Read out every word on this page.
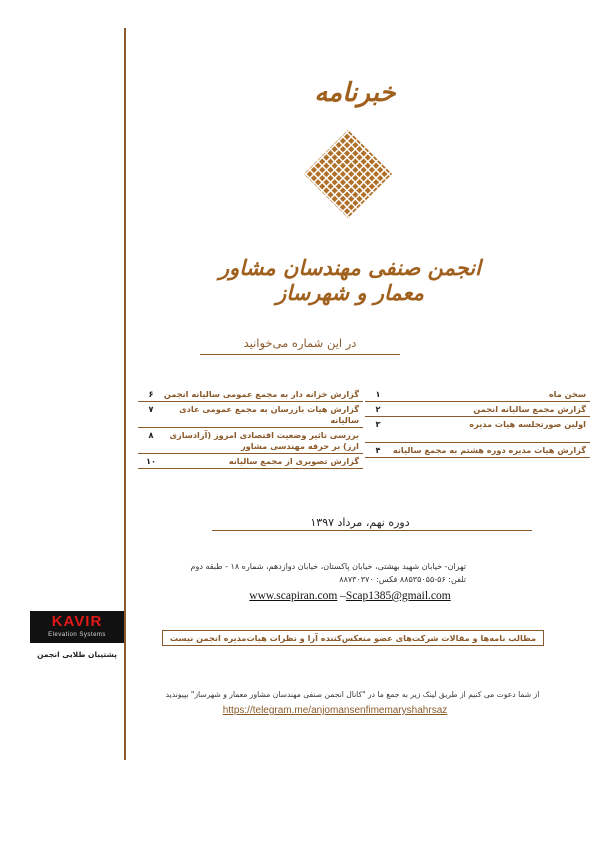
خبرنامه
انجمن صنفی مهندسان مشاور معمار و شهرساز
در این شماره می‌خوانید
سخن ماه
۱
گزارش مجمع سالیانه انجمن
۲
اولین صورتجلسه هیات مدیره
۳
گزارش هیات مدیره دوره هشتم به مجمع سالیانه
۴
گزارش خزانه دار به مجمع عمومی سالیانه انجمن
۶
گزارش هیات بازرسان به مجمع عمومی عادی سالیانه
۷
بررسی تاثیر وضعیت اقتصادی امروز (آزادسازی ارز) بر حرفه مهندسی مشاور
۸
گزارش تصویری از مجمع سالیانه
۱۰
دوره نهم، مرداد ۱۳۹۷
تهران- خیابان شهید بهشتی، خیابان پاکستان، خیابان دوازدهم، شماره ۱۸ - طبقه دوم
تلفن: ۵۶-۸۸۵۳۵۰۵۵ فکس: ۸۸۷۳۰۳۷۰
www.scapiran.com –Scap1385@gmail.com
مطالب نامه‌ها و مقالات شرکت‌های عضو منعکس‌کننده آرا و نظرات هیات‌مدیره انجمن نیست
KAVIR
Elevation Systems
پشتیبان طلایی انجمن
از شما دعوت می کنیم از طریق لینک زیر به جمع ما در "کانال انجمن صنفی مهندسان مشاور معمار و شهرساز" بپیوندید
https://telegram.me/anjomansenfimemaryshahrsaz
